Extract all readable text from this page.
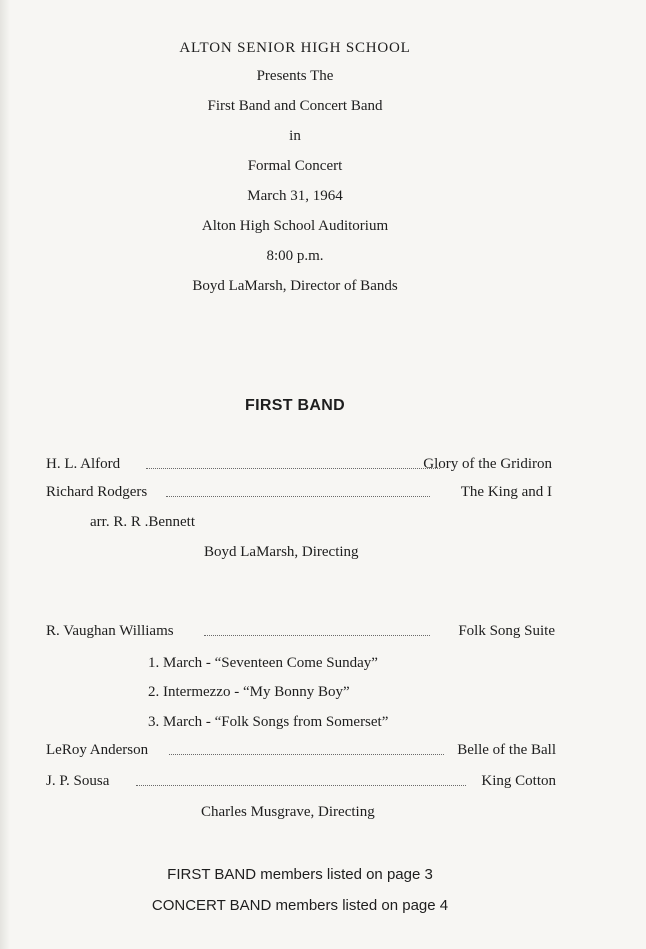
ALTON SENIOR HIGH SCHOOL
Presents The
First Band and Concert Band
in
Formal Concert
March 31, 1964
Alton High School Auditorium
8:00 p.m.
Boyd LaMarsh, Director of Bands
FIRST BAND
H. L. Alford	Glory of the Gridiron
Richard Rodgers	The King and I
arr. R. R .Bennett
Boyd LaMarsh, Directing
R. Vaughan Williams	Folk Song Suite
1. March - “Seventeen Come Sunday”
2. Intermezzo - “My Bonny Boy”
3. March - “Folk Songs from Somerset”
LeRoy Anderson	Belle of the Ball
J. P. Sousa	King Cotton
Charles Musgrave, Directing
FIRST BAND members listed on page 3
CONCERT BAND members listed on page 4
